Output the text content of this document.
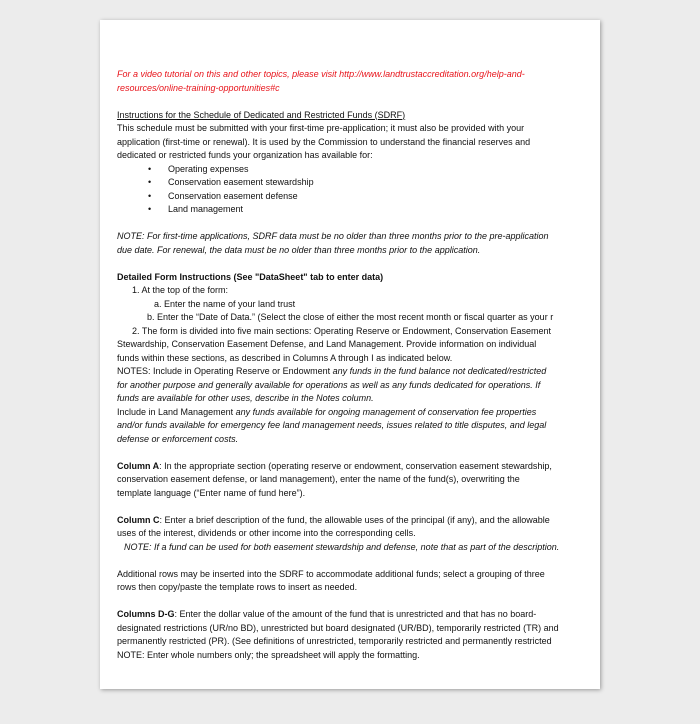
For a video tutorial on this and other topics, please visit http://www.landtrustaccreditation.org/help-and-

resources/online-training-opportunities#c

Instructions for the Schedule of Dedicated and Restricted Funds (SDRF)

This schedule must be submitted with your first-time pre-application; it must also be provided with your

application (first-time or renewal). It is used by the Commission to understand the financial reserves and

dedicated or restricted funds your organization has available for:

• Operating expenses
• Conservation easement stewardship
• Conservation easement defense
• Land management

NOTE: For first-time applications, SDRF data must be no older than three months prior to the pre-application

due date. For renewal, the data must be no older than three months prior to the application.

Detailed Form Instructions (See "DataSheet" tab to enter data)

1. At the top of the form:

a. Enter the name of your land trust

b. Enter the “Date of Data.” (Select the close of either the most recent month or fiscal quarter as your r

2. The form is divided into five main sections: Operating Reserve or Endowment, Conservation Easement

Stewardship, Conservation Easement Defense, and Land Management. Provide information on individual

funds within these sections, as described in Columns A through I as indicated below.

NOTES: Include in Operating Reserve or Endowment any funds in the fund balance not dedicated/restricted

for another purpose and generally available for operations as well as any funds dedicated for operations. If

funds are available for other uses, describe in the Notes column.

Include in Land Management any funds available for ongoing management of conservation fee properties

and/or funds available for emergency fee land management needs, issues related to title disputes, and legal

defense or enforcement costs.

Column A: In the appropriate section (operating reserve or endowment, conservation easement stewardship,

conservation easement defense, or land management), enter the name of the fund(s), overwriting the

template language (“Enter name of fund here”).

Column C: Enter a brief description of the fund, the allowable uses of the principal (if any), and the allowable

uses of the interest, dividends or other income into the corresponding cells.

NOTE: If a fund can be used for both easement stewardship and defense, note that as part of the description.

Additional rows may be inserted into the SDRF to accommodate additional funds; select a grouping of three

rows then copy/paste the template rows to insert as needed.

Columns D-G: Enter the dollar value of the amount of the fund that is unrestricted and that has no board-

designated restrictions (UR/no BD), unrestricted but board designated (UR/BD), temporarily restricted (TR) and

permanently restricted (PR). (See definitions of unrestricted, temporarily restricted and permanently restricted

NOTE: Enter whole numbers only; the spreadsheet will apply the formatting.
